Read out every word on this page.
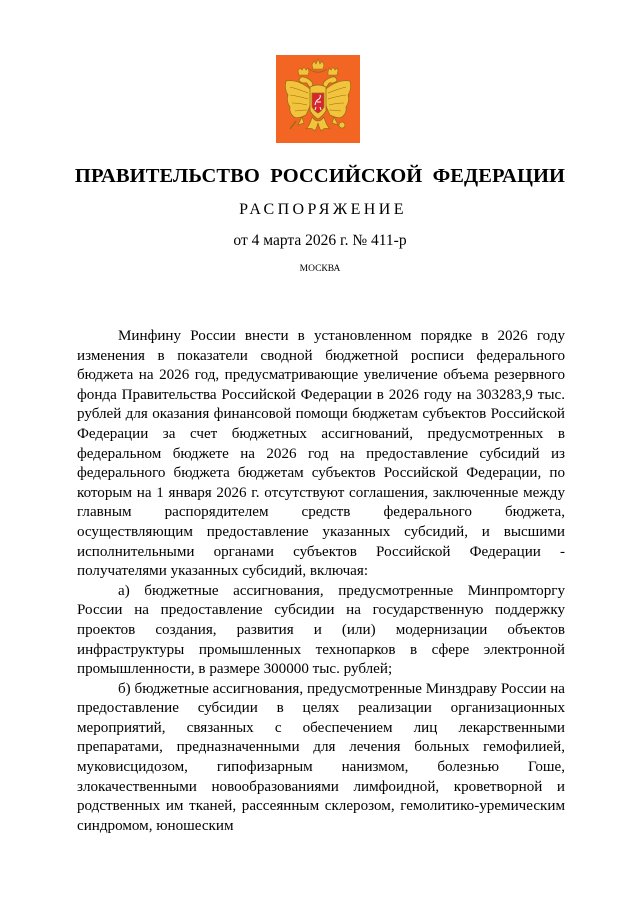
ПРАВИТЕЛЬСТВО РОССИЙСКОЙ ФЕДЕРАЦИИ
РАСПОРЯЖЕНИЕ
от 4 марта 2026 г. № 411-р
МОСКВА

Минфину России внести в установленном порядке в 2026 году изменения в показатели сводной бюджетной росписи федерального бюджета на 2026 год, предусматривающие увеличение объема резервного фонда Правительства Российской Федерации в 2026 году на 303283,9 тыс. рублей для оказания финансовой помощи бюджетам субъектов Российской Федерации за счет бюджетных ассигнований, предусмотренных в федеральном бюджете на 2026 год на предоставление субсидий из федерального бюджета бюджетам субъектов Российской Федерации, по которым на 1 января 2026 г. отсутствуют соглашения, заключенные между главным распорядителем средств федерального бюджета, осуществляющим предоставление указанных субсидий, и высшими исполнительными органами субъектов Российской Федерации - получателями указанных субсидий, включая:

а) бюджетные ассигнования, предусмотренные Минпромторгу России на предоставление субсидии на государственную поддержку проектов создания, развития и (или) модернизации объектов инфраструктуры промышленных технопарков в сфере электронной промышленности, в размере 300000 тыс. рублей;

б) бюджетные ассигнования, предусмотренные Минздраву России на предоставление субсидии в целях реализации организационных мероприятий, связанных с обеспечением лиц лекарственными препаратами, предназначенными для лечения больных гемофилией, муковисцидозом, гипофизарным нанизмом, болезнью Гоше, злокачественными новообразованиями лимфоидной, кроветворной и родственных им тканей, рассеянным склерозом, гемолитико-уремическим синдромом, юношеским
